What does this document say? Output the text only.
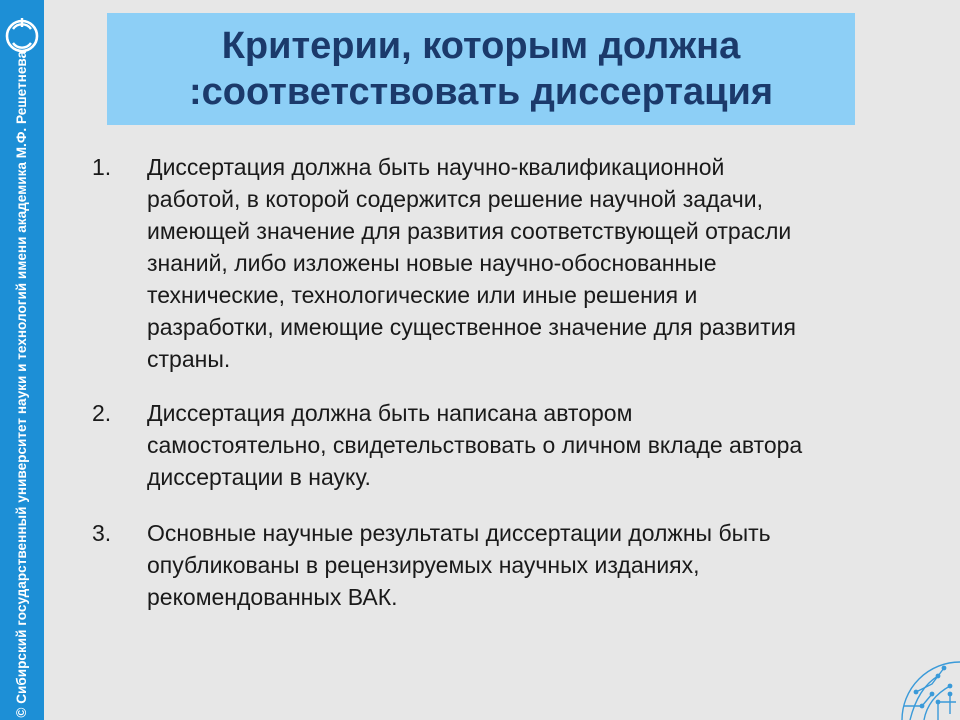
© Сибирский государственный университет науки и технологий имени академика М.Ф. Решетнева
Критерии, которым должна
:соответствовать диссертация
1. Диссертация должна быть научно-квалификационной
работой, в которой содержится решение научной задачи,
имеющей значение для развития соответствующей отрасли
знаний, либо изложены новые научно-обоснованные
технические, технологические или иные решения и
разработки, имеющие существенное значение для развития
страны.
2. Диссертация должна быть написана автором
самостоятельно, свидетельствовать о личном вкладе автора
диссертации в науку.
3. Основные научные результаты диссертации должны быть
опубликованы в рецензируемых научных изданиях,
рекомендованных ВАК.
